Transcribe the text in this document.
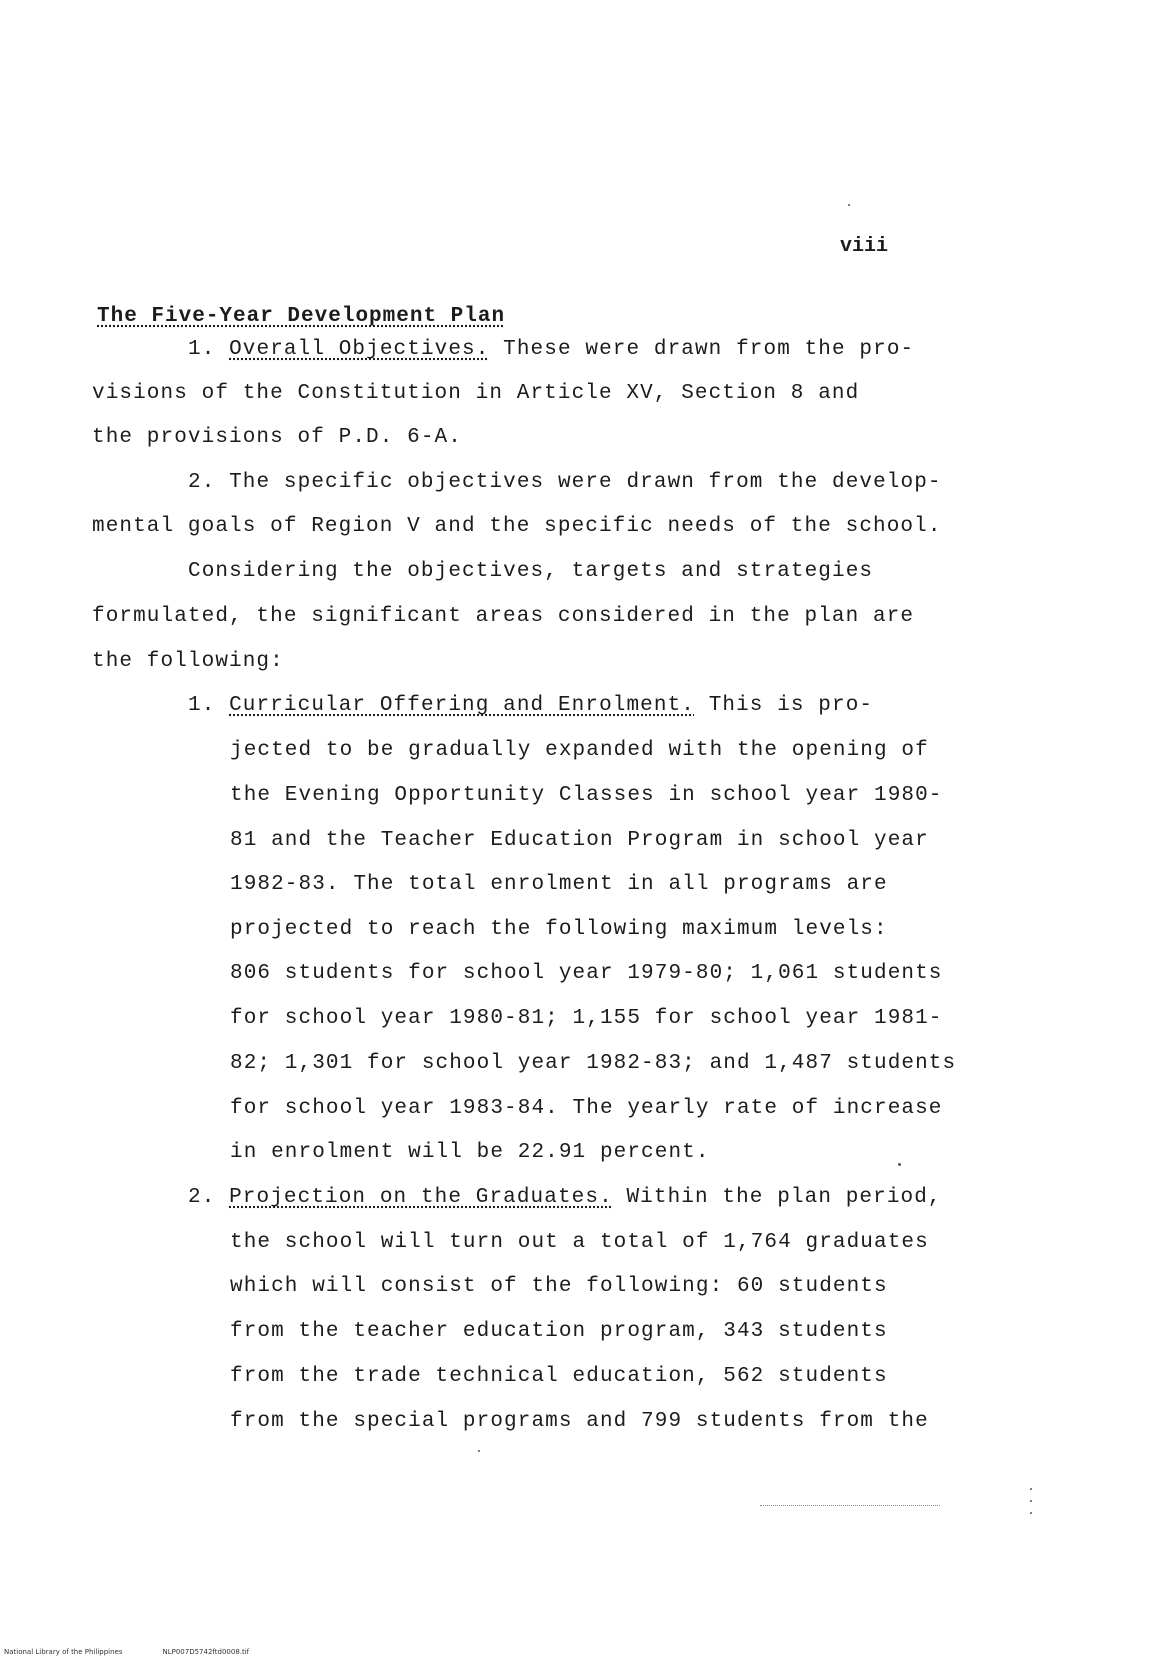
viii
The Five-Year Development Plan
1. Overall Objectives. These were drawn from the pro-
visions of the Constitution in Article XV, Section 8 and
the provisions of P.D. 6-A.
2. The specific objectives were drawn from the develop-
mental goals of Region V and the specific needs of the school.
Considering the objectives, targets and strategies
formulated, the significant areas considered in the plan are
the following:
1. Curricular Offering and Enrolment. This is pro-
jected to be gradually expanded with the opening of
the Evening Opportunity Classes in school year 1980-
81 and the Teacher Education Program in school year
1982-83. The total enrolment in all programs are
projected to reach the following maximum levels:
806 students for school year 1979-80; 1,061 students
for school year 1980-81; 1,155 for school year 1981-
82; 1,301 for school year 1982-83; and 1,487 students
for school year 1983-84. The yearly rate of increase
in enrolment will be 22.91 percent.
2. Projection on the Graduates. Within the plan period,
the school will turn out a total of 1,764 graduates
which will consist of the following: 60 students
from the teacher education program, 343 students
from the trade technical education, 562 students
from the special programs and 799 students from the
National Library of the Philippines	NLP007D5742ftd0008.tif
